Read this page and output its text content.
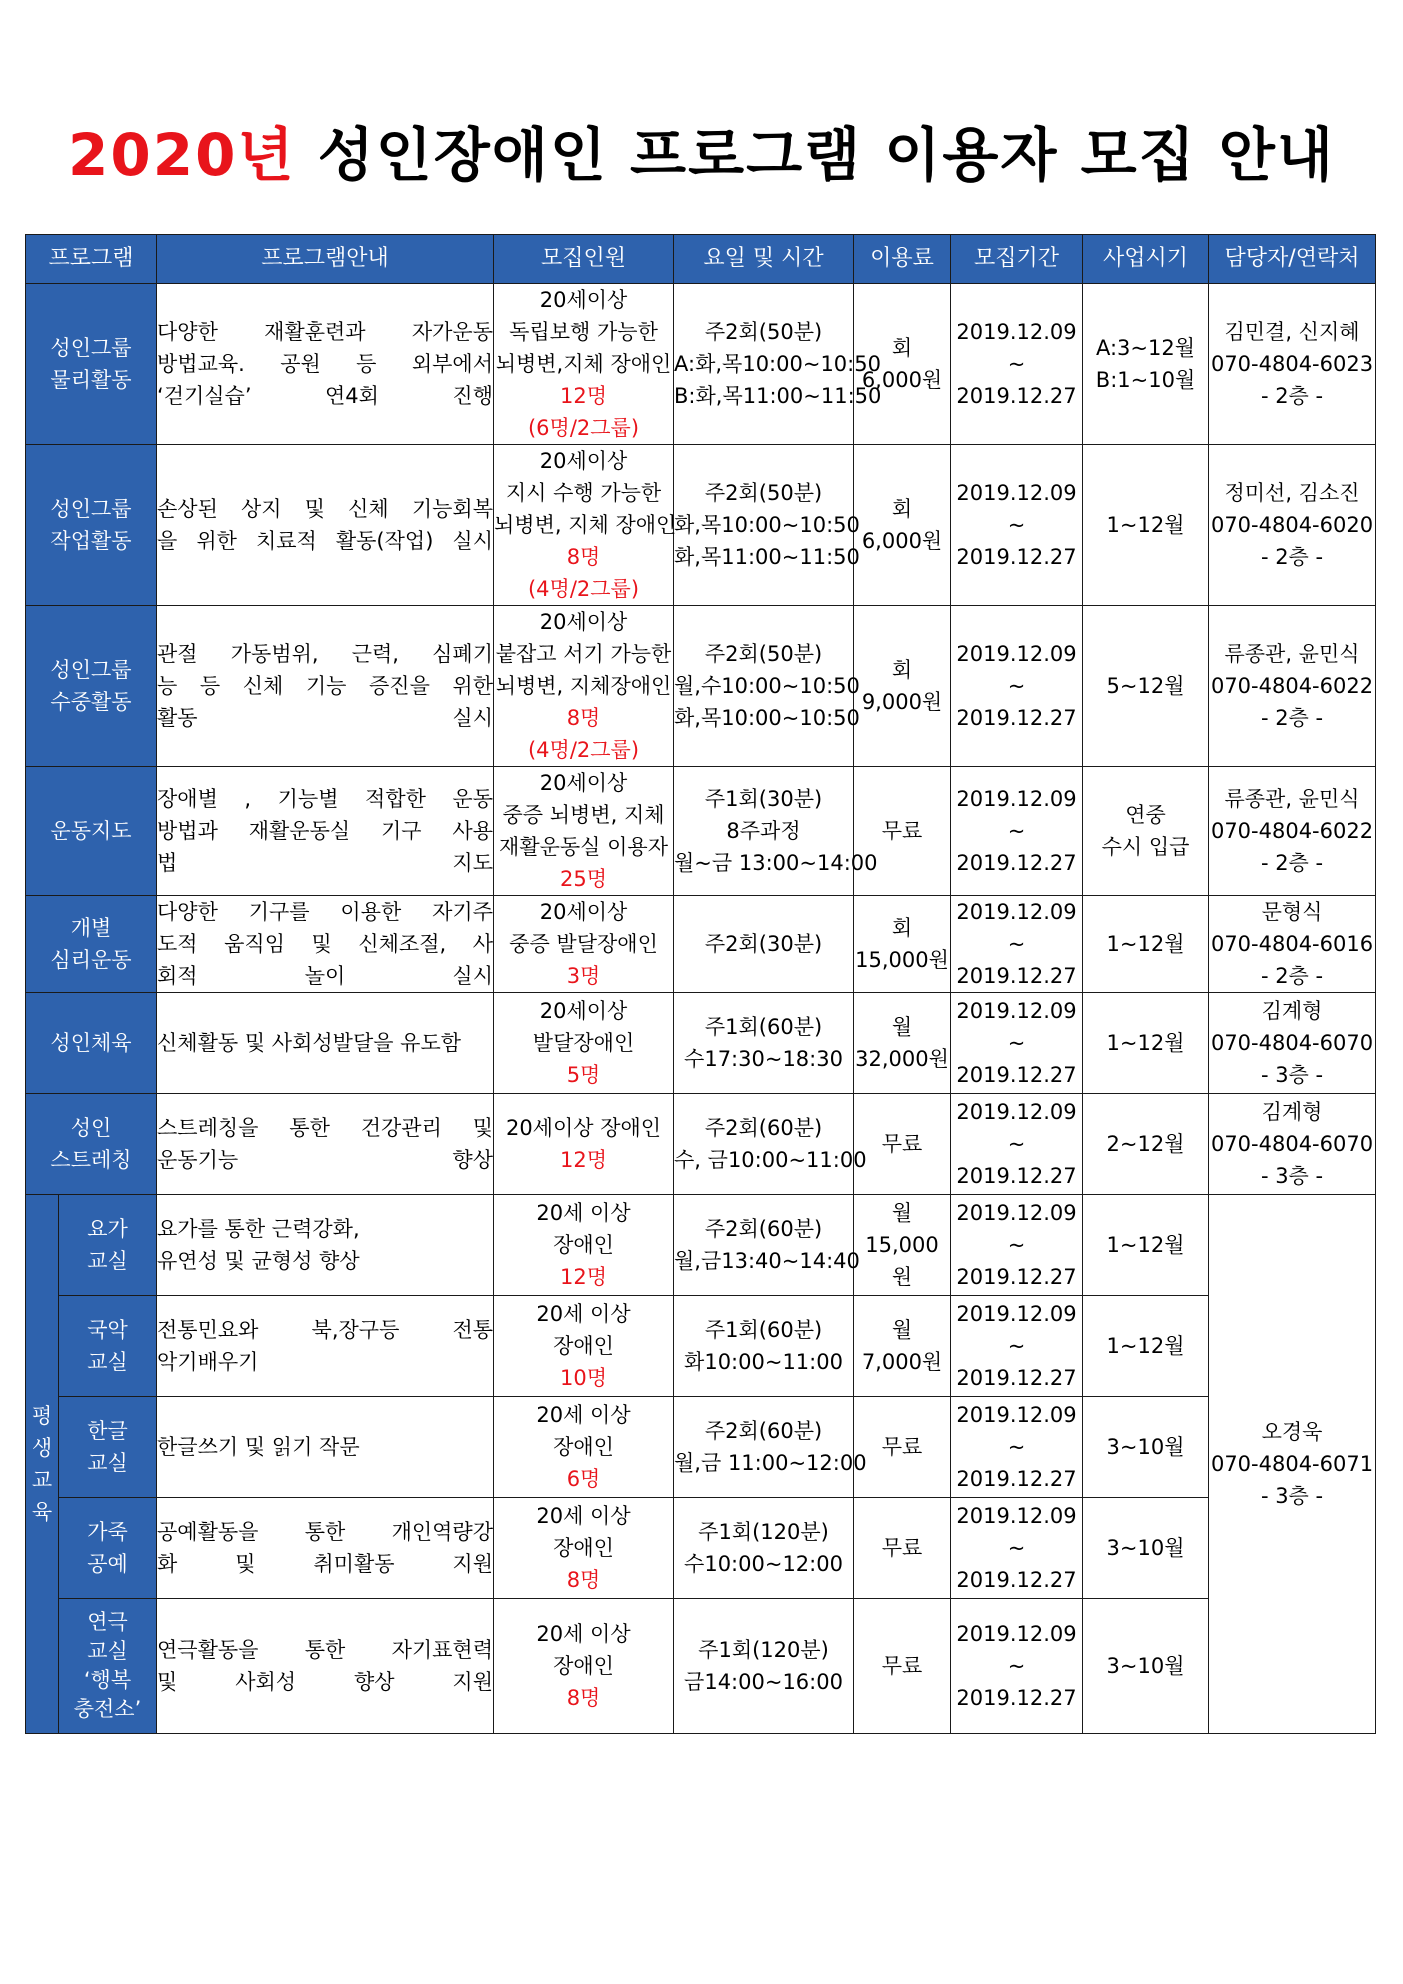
2020년 성인장애인 프로그램 이용자 모집 안내
프로그램		프로그램안내	모집인원	요일 및 시간	이용료	모집기간	사업시기	담당자/연락처

성인그룹
물리활동		다양한 재활훈련과 자가운동
방법교육. 공원 등 외부에서
‘걷기실습’ 연4회 진행	20세이상
독립보행 가능한
뇌병변,지체 장애인
12명
(6명/2그룹)	주2회(50분)
A:화,목10:00~10:50
B:화,목11:00~11:50	회
6,000원	2019.12.09
~
2019.12.27	A:3~12월
B:1~10월	김민결, 신지혜
070-4804-6023
- 2층 -

성인그룹
작업활동		손상된 상지 및 신체 기능회복
을 위한 치료적 활동(작업) 실시	20세이상
지시 수행 가능한
뇌병변, 지체 장애인
8명
(4명/2그룹)	주2회(50분)
화,목10:00~10:50
화,목11:00~11:50	회
6,000원	2019.12.09
~
2019.12.27	1~12월	정미선, 김소진
070-4804-6020
- 2층 -

성인그룹
수중활동		관절 가동범위, 근력, 심폐기
능 등 신체 기능 증진을 위한
활동 실시	20세이상
붙잡고 서기 가능한
뇌병변, 지체장애인
8명
(4명/2그룹)	주2회(50분)
월,수10:00~10:50
화,목10:00~10:50	회
9,000원	2019.12.09
~
2019.12.27	5~12월	류종관, 윤민식
070-4804-6022
- 2층 -

운동지도		장애별 , 기능별 적합한 운동
방법과 재활운동실 기구 사용
법 지도	20세이상
중증 뇌병변, 지체
재활운동실 이용자
25명	주1회(30분)
8주과정
월~금 13:00~14:00	무료	2019.12.09
~
2019.12.27	연중
수시 입급	류종관, 윤민식
070-4804-6022
- 2층 -

개별
심리운동		다양한 기구를 이용한 자기주
도적 움직임 및 신체조절, 사
회적 놀이 실시	20세이상
중증 발달장애인
3명	주2회(30분)	회
15,000원	2019.12.09
~
2019.12.27	1~12월	문형식
070-4804-6016
- 2층 -

성인체육		신체활동 및 사회성발달을 유도함	20세이상
발달장애인
5명	주1회(60분)
수17:30~18:30	월
32,000원	2019.12.09
~
2019.12.27	1~12월	김계형
070-4804-6070
- 3층 -

성인
스트레칭		스트레칭을 통한 건강관리 및
운동기능 향상	20세이상 장애인
12명	주2회(60분)
수, 금10:00~11:00	무료	2019.12.09
~
2019.12.27	2~12월	김계형
070-4804-6070
- 3층 -

평
생
교
육	요가
교실	요가를 통한 근력강화,
유연성 및 균형성 향상	20세 이상
장애인
12명	주2회(60분)
월,금13:40~14:40	월
15,000
원	2019.12.09
~
2019.12.27	1~12월	오경욱
070-4804-6071
- 3층 -

	국악
교실	전통민요와 북,장구등 전통
악기배우기	20세 이상
장애인
10명	주1회(60분)
화10:00~11:00	월
7,000원	2019.12.09
~
2019.12.27	1~12월	

	한글
교실	한글쓰기 및 읽기 작문	20세 이상
장애인
6명	주2회(60분)
월,금 11:00~12:00	무료	2019.12.09
~
2019.12.27	3~10월	

	가죽
공예	공예활동을 통한 개인역량강
화 및 취미활동 지원	20세 이상
장애인
8명	주1회(120분)
수10:00~12:00	무료	2019.12.09
~
2019.12.27	3~10월	

	연극
교실
‘행복
충전소’	연극활동을 통한 자기표현력
및 사회성 향상 지원	20세 이상
장애인
8명	주1회(120분)
금14:00~16:00	무료	2019.12.09
~
2019.12.27	3~10월	
